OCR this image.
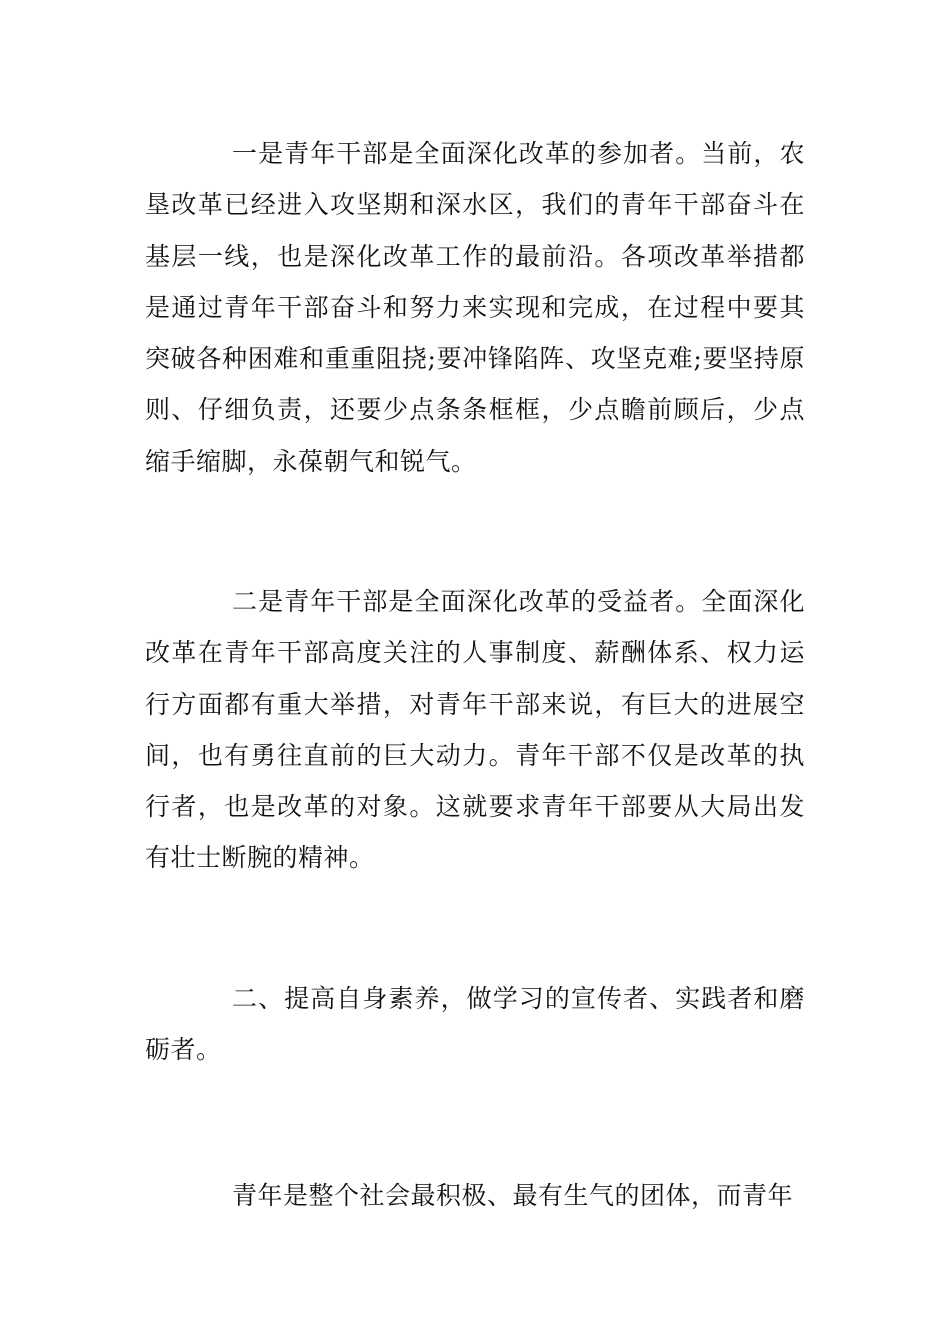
一是青年干部是全面深化改革的参加者。当前，农垦改革已经进入攻坚期和深水区，我们的青年干部奋斗在基层一线，也是深化改革工作的最前沿。各项改革举措都是通过青年干部奋斗和努力来实现和完成，在过程中要其突破各种困难和重重阻挠;要冲锋陷阵、攻坚克难;要坚持原则、仔细负责，还要少点条条框框，少点瞻前顾后，少点缩手缩脚，永葆朝气和锐气。

二是青年干部是全面深化改革的受益者。全面深化改革在青年干部高度关注的人事制度、薪酬体系、权力运行方面都有重大举措，对青年干部来说，有巨大的进展空间，也有勇往直前的巨大动力。青年干部不仅是改革的执行者，也是改革的对象。这就要求青年干部要从大局出发有壮士断腕的精神。

二、提高自身素养，做学习的宣传者、实践者和磨砺者。

青年是整个社会最积极、最有生气的团体，而青年
